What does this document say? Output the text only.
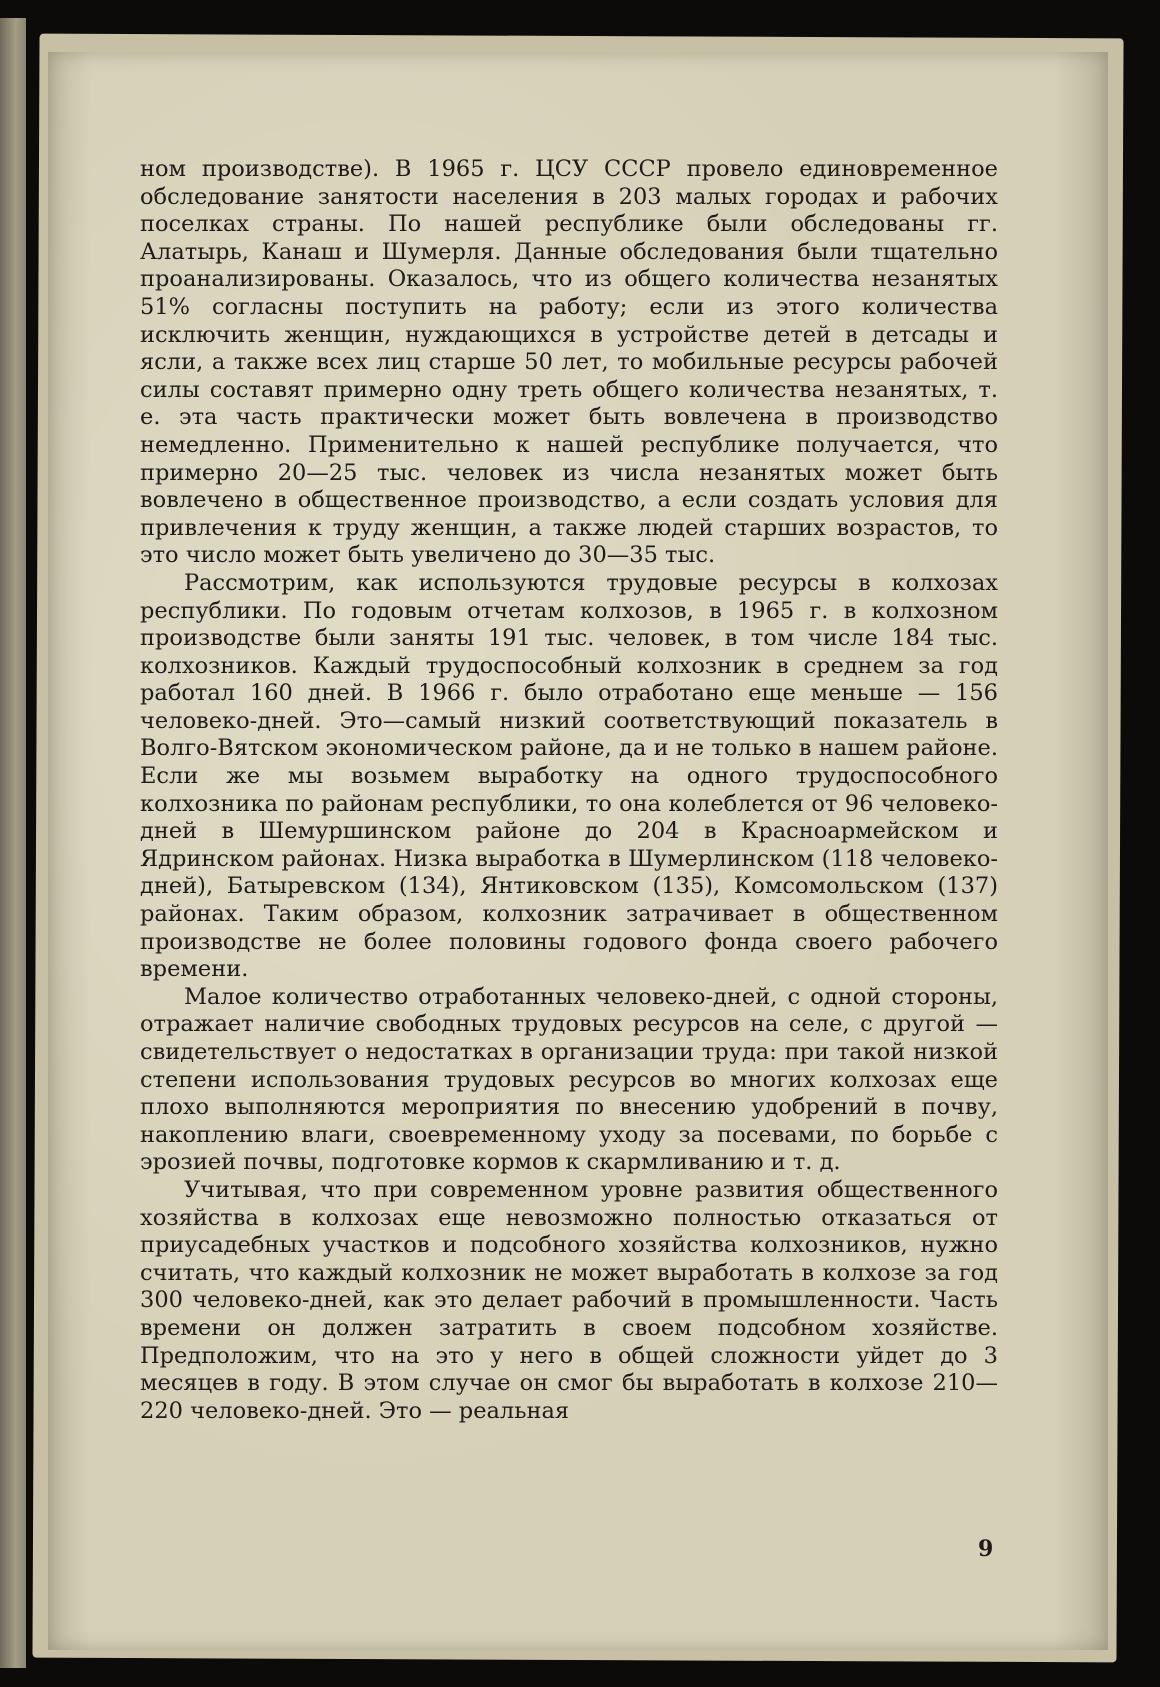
ном производстве). В 1965 г. ЦСУ СССР провело единовременное обследование занятости населения в 203 малых городах и рабочих поселках страны. По нашей республике были обследованы гг. Алатырь, Канаш и Шумерля. Данные обследования были тщательно проанализированы. Оказалось, что из общего количества незанятых 51% согласны поступить на работу; если из этого количества исключить женщин, нуждающихся в устройстве детей в детсады и ясли, а также всех лиц старше 50 лет, то мобильные ресурсы рабочей силы составят примерно одну треть общего количества незанятых, т. е. эта часть практически может быть вовлечена в производство немедленно. Применительно к нашей республике получается, что примерно 20—25 тыс. человек из числа незанятых может быть вовлечено в общественное производство, а если создать условия для привлечения к труду женщин, а также людей старших возрастов, то это число может быть увеличено до 30—35 тыс.

Рассмотрим, как используются трудовые ресурсы в колхозах республики. По годовым отчетам колхозов, в 1965 г. в колхозном производстве были заняты 191 тыс. человек, в том числе 184 тыс. колхозников. Каждый трудоспособный колхозник в среднем за год работал 160 дней. В 1966 г. было отработано еще меньше — 156 человеко-дней. Это—самый низкий соответствующий показатель в Волго-Вятском экономическом районе, да и не только в нашем районе. Если же мы возьмем выработку на одного трудоспособного колхозника по районам республики, то она колеблется от 96 человеко-дней в Шемуршинском районе до 204 в Красноармейском и Ядринском районах. Низка выработка в Шумерлинском (118 человеко-дней), Батыревском (134), Янтиковском (135), Комсомольском (137) районах. Таким образом, колхозник затрачивает в общественном производстве не более половины годового фонда своего рабочего времени.

Малое количество отработанных человеко-дней, с одной стороны, отражает наличие свободных трудовых ресурсов на селе, с другой — свидетельствует о недостатках в организации труда: при такой низкой степени использования трудовых ресурсов во многих колхозах еще плохо выполняются мероприятия по внесению удобрений в почву, накоплению влаги, своевременному уходу за посевами, по борьбе с эрозией почвы, подготовке кормов к скармливанию и т. д.

Учитывая, что при современном уровне развития общественного хозяйства в колхозах еще невозможно полностью отказаться от приусадебных участков и подсобного хозяйства колхозников, нужно считать, что каждый колхозник не может выработать в колхозе за год 300 человеко-дней, как это делает рабочий в промышленности. Часть времени он должен затратить в своем подсобном хозяйстве. Предположим, что на это у него в общей сложности уйдет до 3 месяцев в году. В этом случае он смог бы выработать в колхозе 210—220 человеко-дней. Это — реальная

9
